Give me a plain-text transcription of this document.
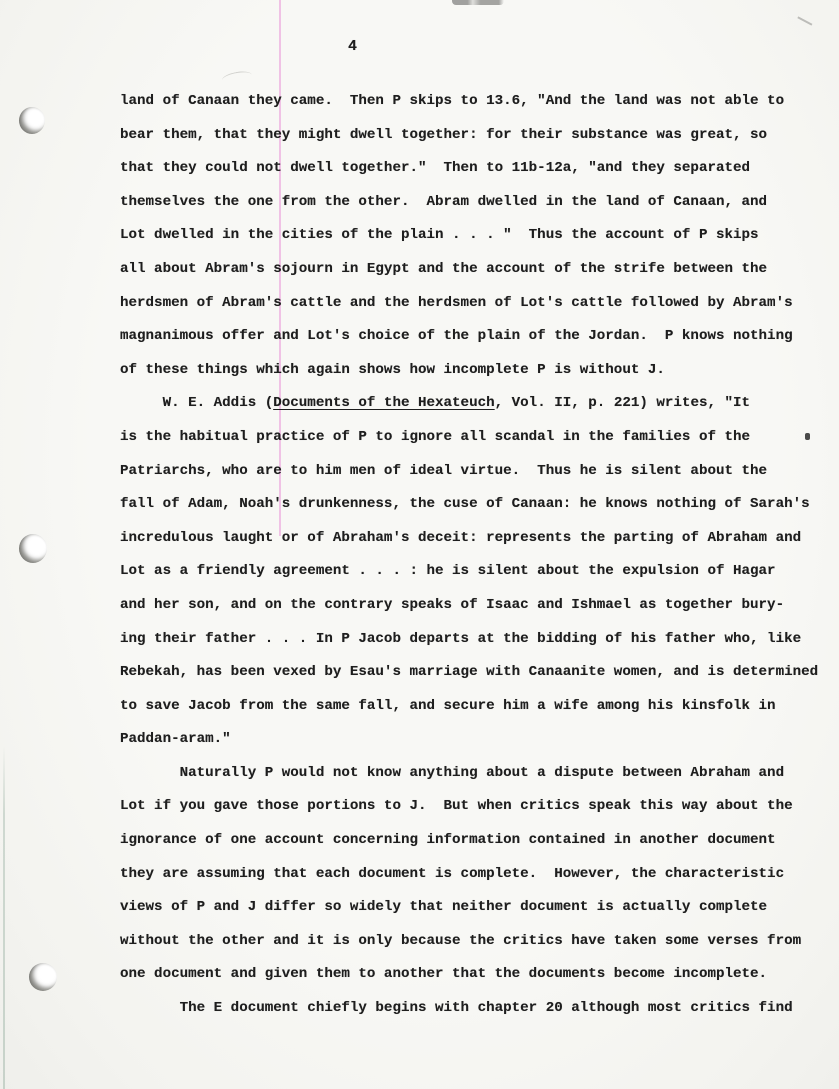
4
land of Canaan they came.  Then P skips to 13.6, "And the land was not able to
bear them, that they might dwell together: for their substance was great, so
that they could not dwell together."  Then to 11b-12a, "and they separated
themselves the one from the other.  Abram dwelled in the land of Canaan, and
Lot dwelled in the cities of the plain . . . "  Thus the account of P skips
all about Abram's sojourn in Egypt and the account of the strife between the
herdsmen of Abram's cattle and the herdsmen of Lot's cattle followed by Abram's
magnanimous offer and Lot's choice of the plain of the Jordan.  P knows nothing
of these things which again shows how incomplete P is without J.
W. E. Addis (Documents of the Hexateuch, Vol. II, p. 221) writes, "It
is the habitual practice of P to ignore all scandal in the families of the
Patriarchs, who are to him men of ideal virtue.  Thus he is silent about the
fall of Adam, Noah's drunkenness, the cuse of Canaan: he knows nothing of Sarah's
incredulous laught or of Abraham's deceit: represents the parting of Abraham and
Lot as a friendly agreement . . . : he is silent about the expulsion of Hagar
and her son, and on the contrary speaks of Isaac and Ishmael as together bury-
ing their father . . . In P Jacob departs at the bidding of his father who, like
Rebekah, has been vexed by Esau's marriage with Canaanite women, and is determined
to save Jacob from the same fall, and secure him a wife among his kinsfolk in
Paddan-aram."
Naturally P would not know anything about a dispute between Abraham and
Lot if you gave those portions to J.  But when critics speak this way about the
ignorance of one account concerning information contained in another document
they are assuming that each document is complete.  However, the characteristic
views of P and J differ so widely that neither document is actually complete
without the other and it is only because the critics have taken some verses from
one document and given them to another that the documents become incomplete.
The E document chiefly begins with chapter 20 although most critics find
